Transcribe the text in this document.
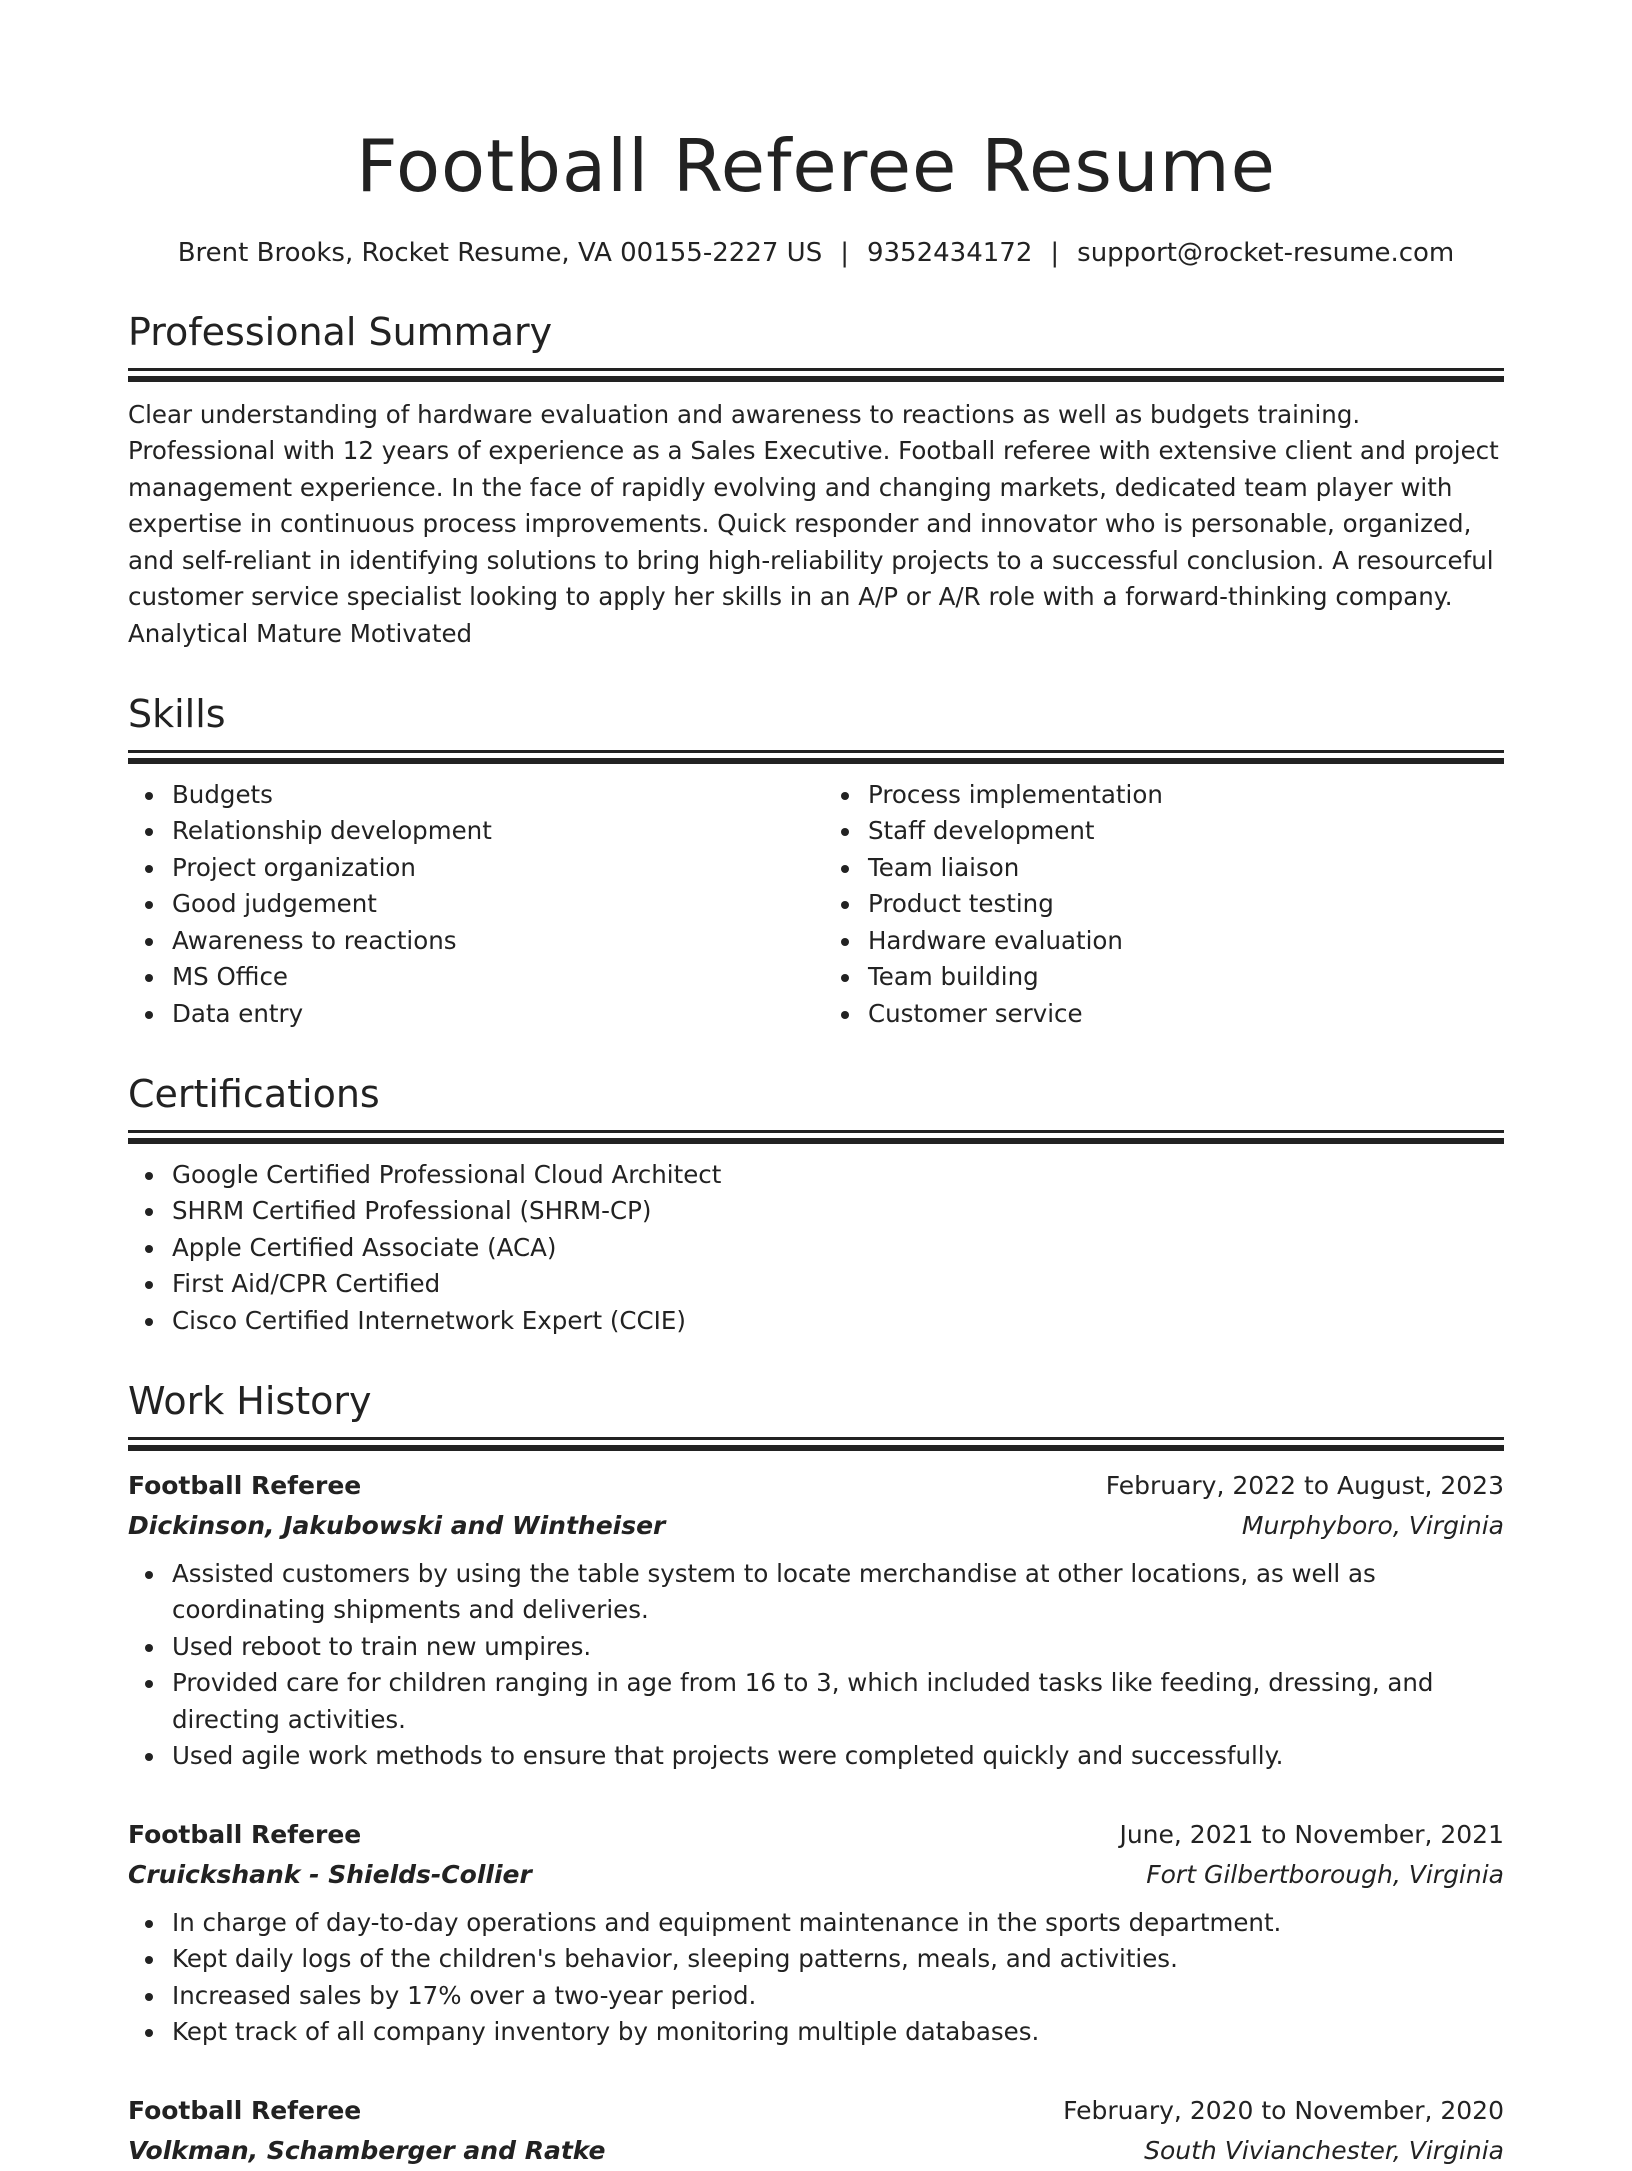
Football Referee Resume
Brent Brooks, Rocket Resume, VA 00155-2227 US | 9352434172 | support@rocket-resume.com
Professional Summary

Clear understanding of hardware evaluation and awareness to reactions as well as budgets training. Professional with 12 years of experience as a Sales Executive. Football referee with extensive client and project management experience. In the face of rapidly evolving and changing markets, dedicated team player with expertise in continuous process improvements. Quick responder and innovator who is personable, organized, and self-reliant in identifying solutions to bring high-reliability projects to a successful conclusion. A resourceful customer service specialist looking to apply her skills in an A/P or A/R role with a forward-thinking company. Analytical Mature Motivated

Skills
Budgets
Relationship development
Project organization
Good judgement
Awareness to reactions
MS Office
Data entry
Process implementation
Staff development
Team liaison
Product testing
Hardware evaluation
Team building
Customer service
Certifications
Google Certified Professional Cloud Architect
SHRM Certified Professional (SHRM-CP)
Apple Certified Associate (ACA)
First Aid/CPR Certified
Cisco Certified Internetwork Expert (CCIE)
Work History
Football Referee	February, 2022 to August, 2023
Dickinson, Jakubowski and Wintheiser	Murphyboro, Virginia
Assisted customers by using the table system to locate merchandise at other locations, as well as coordinating shipments and deliveries.
Used reboot to train new umpires.
Provided care for children ranging in age from 16 to 3, which included tasks like feeding, dressing, and directing activities.
Used agile work methods to ensure that projects were completed quickly and successfully.
Football Referee	June, 2021 to November, 2021
Cruickshank - Shields-Collier	Fort Gilbertborough, Virginia
In charge of day-to-day operations and equipment maintenance in the sports department.
Kept daily logs of the children's behavior, sleeping patterns, meals, and activities.
Increased sales by 17% over a two-year period.
Kept track of all company inventory by monitoring multiple databases.
Football Referee	February, 2020 to November, 2020
Volkman, Schamberger and Ratke	South Vivianchester, Virginia
